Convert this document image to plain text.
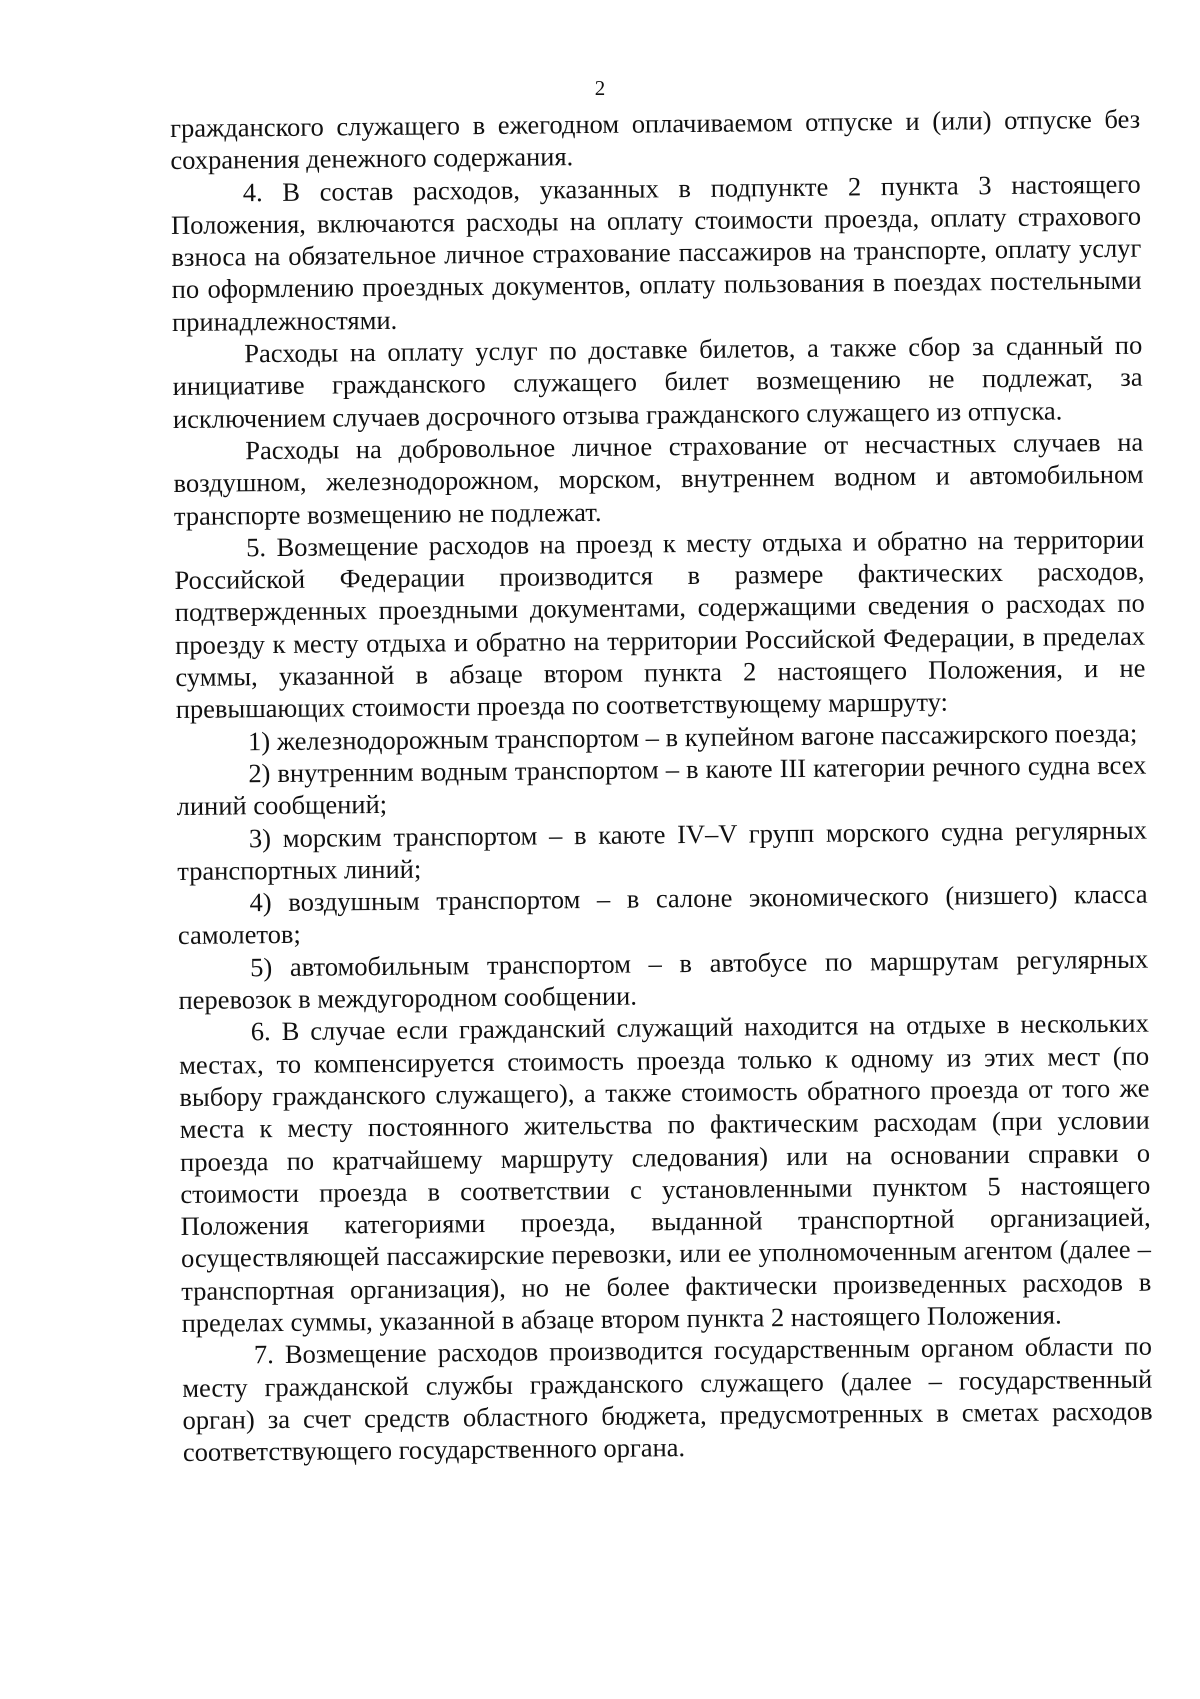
2

гражданского служащего в ежегодном оплачиваемом отпуске и (или) отпуске без сохранения денежного содержания.

4. В состав расходов, указанных в подпункте 2 пункта 3 настоящего Положения, включаются расходы на оплату стоимости проезда, оплату страхового взноса на обязательное личное страхование пассажиров на транспорте, оплату услуг по оформлению проездных документов, оплату пользования в поездах постельными принадлежностями.

Расходы на оплату услуг по доставке билетов, а также сбор за сданный по инициативе гражданского служащего билет возмещению не подлежат, за исключением случаев досрочного отзыва гражданского служащего из отпуска.

Расходы на добровольное личное страхование от несчастных случаев на воздушном, железнодорожном, морском, внутреннем водном и автомобильном транспорте возмещению не подлежат.

5. Возмещение расходов на проезд к месту отдыха и обратно на территории Российской Федерации производится в размере фактических расходов, подтвержденных проездными документами, содержащими сведения о расходах по проезду к месту отдыха и обратно на территории Российской Федерации, в пределах суммы, указанной в абзаце втором пункта 2 настоящего Положения, и не превышающих стоимости проезда по соответствующему маршруту:

1) железнодорожным транспортом – в купейном вагоне пассажирского поезда;

2) внутренним водным транспортом – в каюте III категории речного судна всех линий сообщений;

3) морским транспортом – в каюте IV–V групп морского судна регулярных транспортных линий;

4) воздушным транспортом – в салоне экономического (низшего) класса самолетов;

5) автомобильным транспортом – в автобусе по маршрутам регулярных перевозок в междугородном сообщении.

6. В случае если гражданский служащий находится на отдыхе в нескольких местах, то компенсируется стоимость проезда только к одному из этих мест (по выбору гражданского служащего), а также стоимость обратного проезда от того же места к месту постоянного жительства по фактическим расходам (при условии проезда по кратчайшему маршруту следования) или на основании справки о стоимости проезда в соответствии с установленными пунктом 5 настоящего Положения категориями проезда, выданной транспортной организацией, осуществляющей пассажирские перевозки, или ее уполномоченным агентом (далее – транспортная организация), но не более фактически произведенных расходов в пределах суммы, указанной в абзаце втором пункта 2 настоящего Положения.

7. Возмещение расходов производится государственным органом области по месту гражданской службы гражданского служащего (далее – государственный орган) за счет средств областного бюджета, предусмотренных в сметах расходов соответствующего государственного органа.
